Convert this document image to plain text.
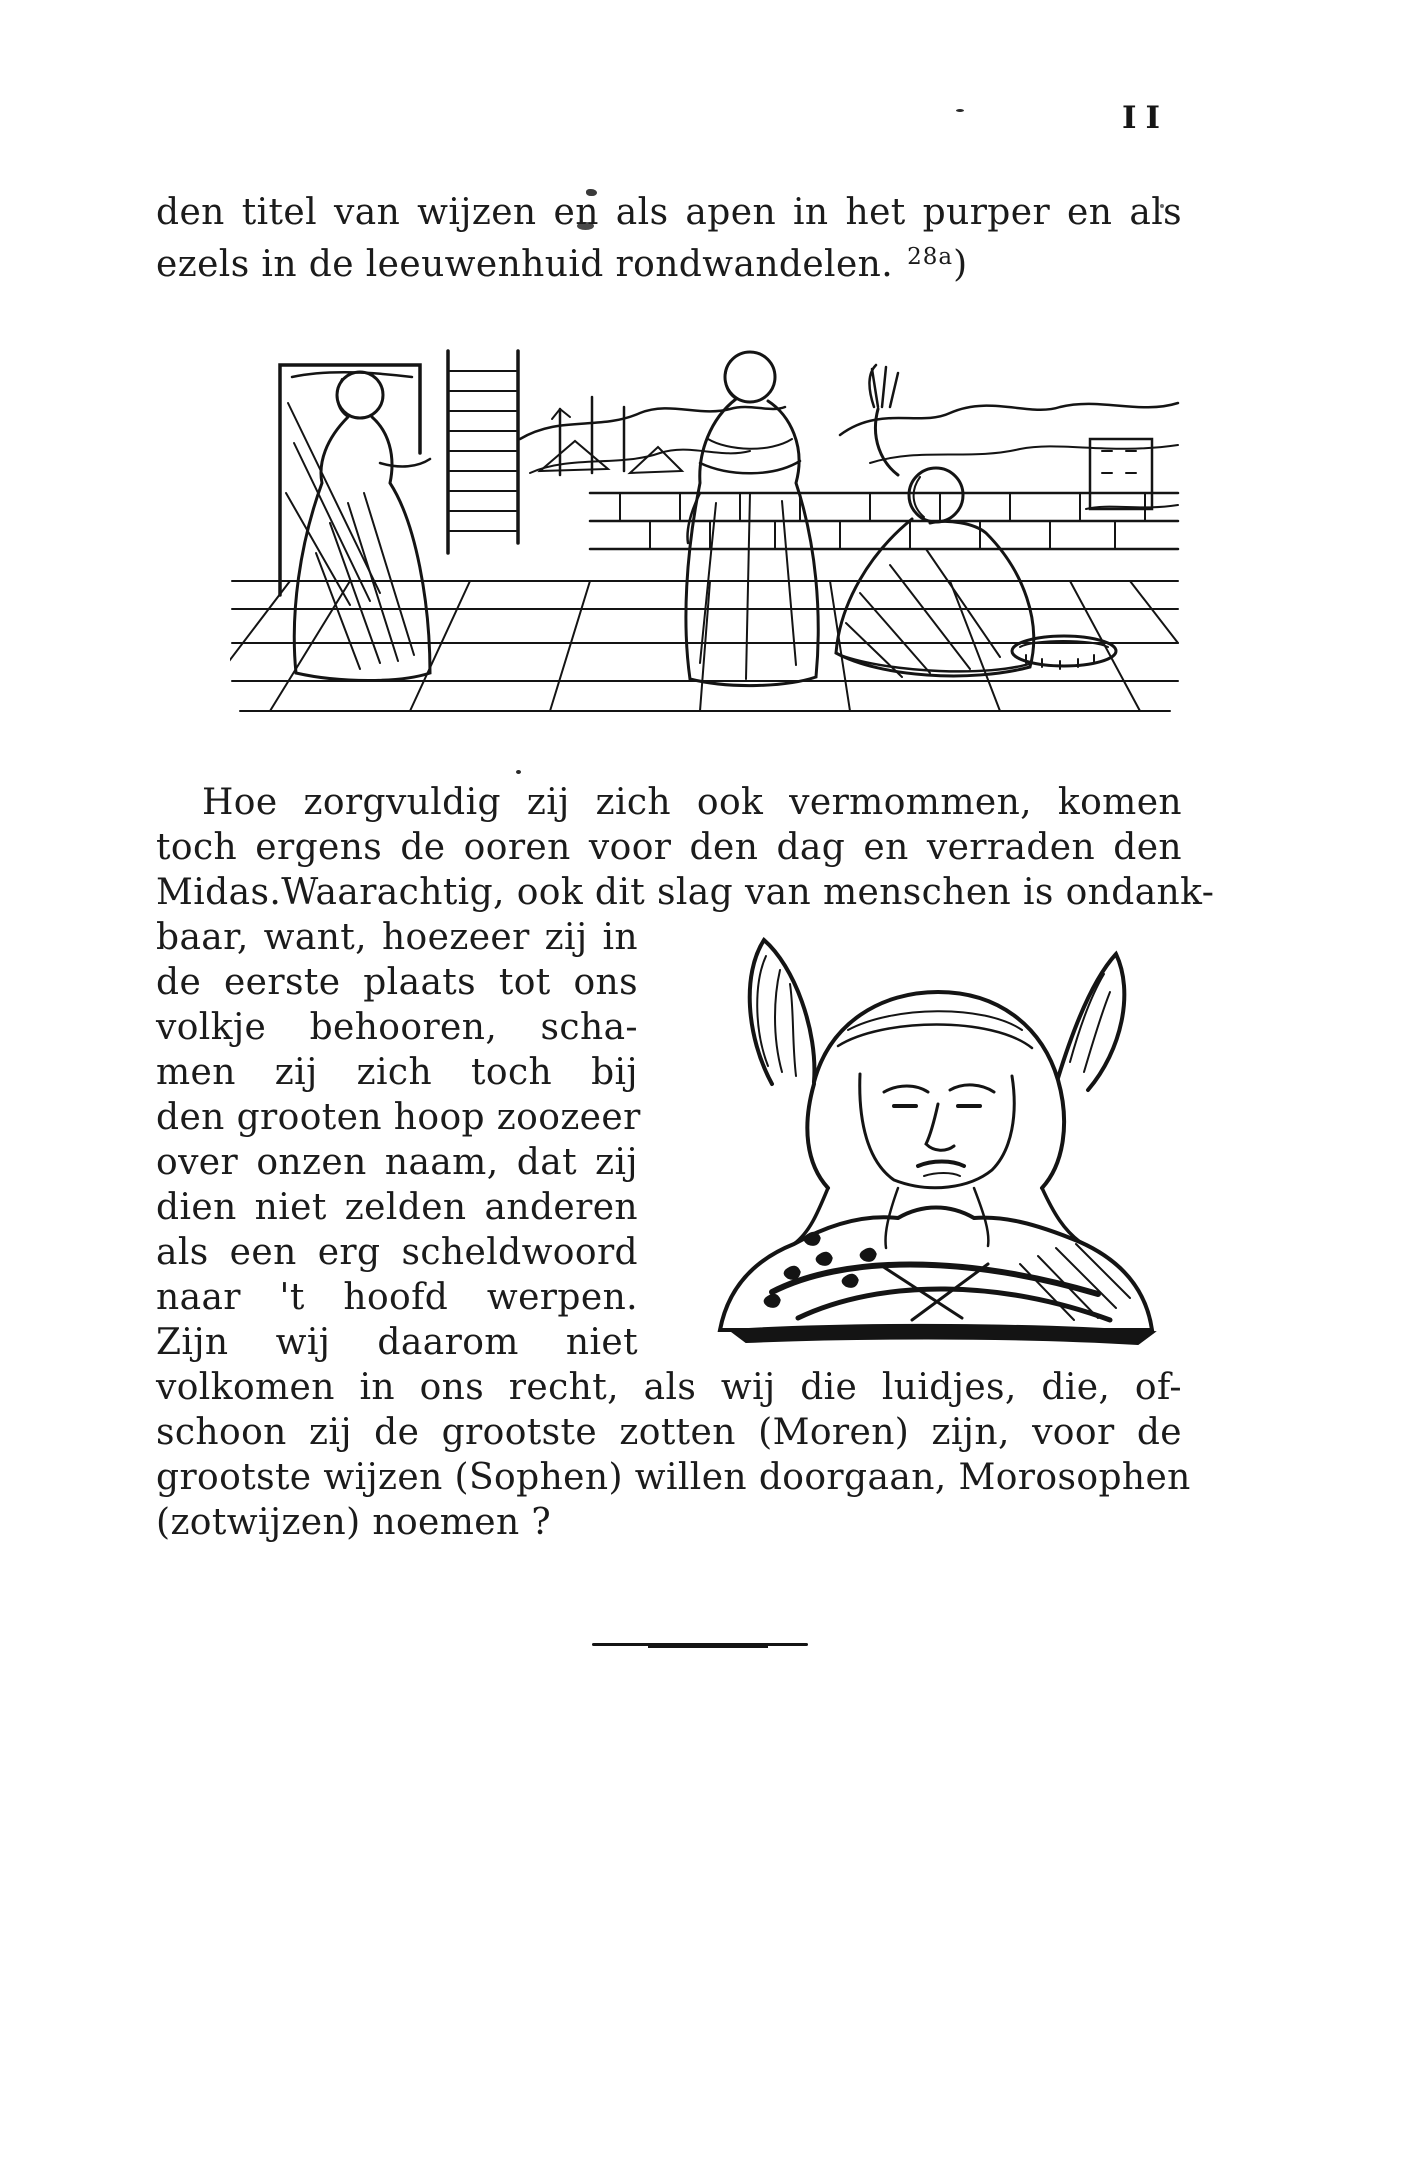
II
den titel van wijzen en als apen in het purper en als
ezels in de leeuwenhuid rondwandelen. $^{28a}$)
Hoe zorgvuldig zij zich ook vermommen, komen
toch ergens de ooren voor den dag en verraden den
Midas.Waarachtig, ook dit slag van menschen is ondank-
baar, want, hoezeer zij in
de eerste plaats tot ons
volkje behooren, scha-
men zij zich toch bij
den grooten hoop zoozeer
over onzen naam, dat zij
dien niet zelden anderen
als een erg scheldwoord
naar 't hoofd werpen.
Zijn wij daarom niet
volkomen in ons recht, als wij die luidjes, die, of-
schoon zij de grootste zotten (Moren) zijn, voor de
grootste wijzen (Sophen) willen doorgaan, Morosophen
(zotwijzen) noemen ?
